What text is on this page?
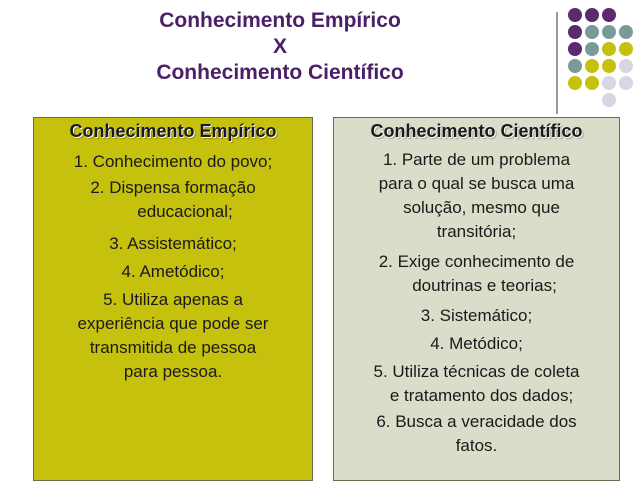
Conhecimento Empírico
X
Conhecimento Científico
Conhecimento Empírico
1. Conhecimento do povo;
2. Dispensa formação
educacional;
3. Assistemático;
4. Ametódico;
5. Utiliza apenas a
experiência que pode ser
transmitida de pessoa
para pessoa.
Conhecimento Científico
1. Parte de um problema
para o qual se busca uma
solução, mesmo que
transitória;
2. Exige conhecimento de
doutrinas e teorias;
3. Sistemático;
4. Metódico;
5. Utiliza técnicas de coleta
e tratamento dos dados;
6. Busca a veracidade dos
fatos.
